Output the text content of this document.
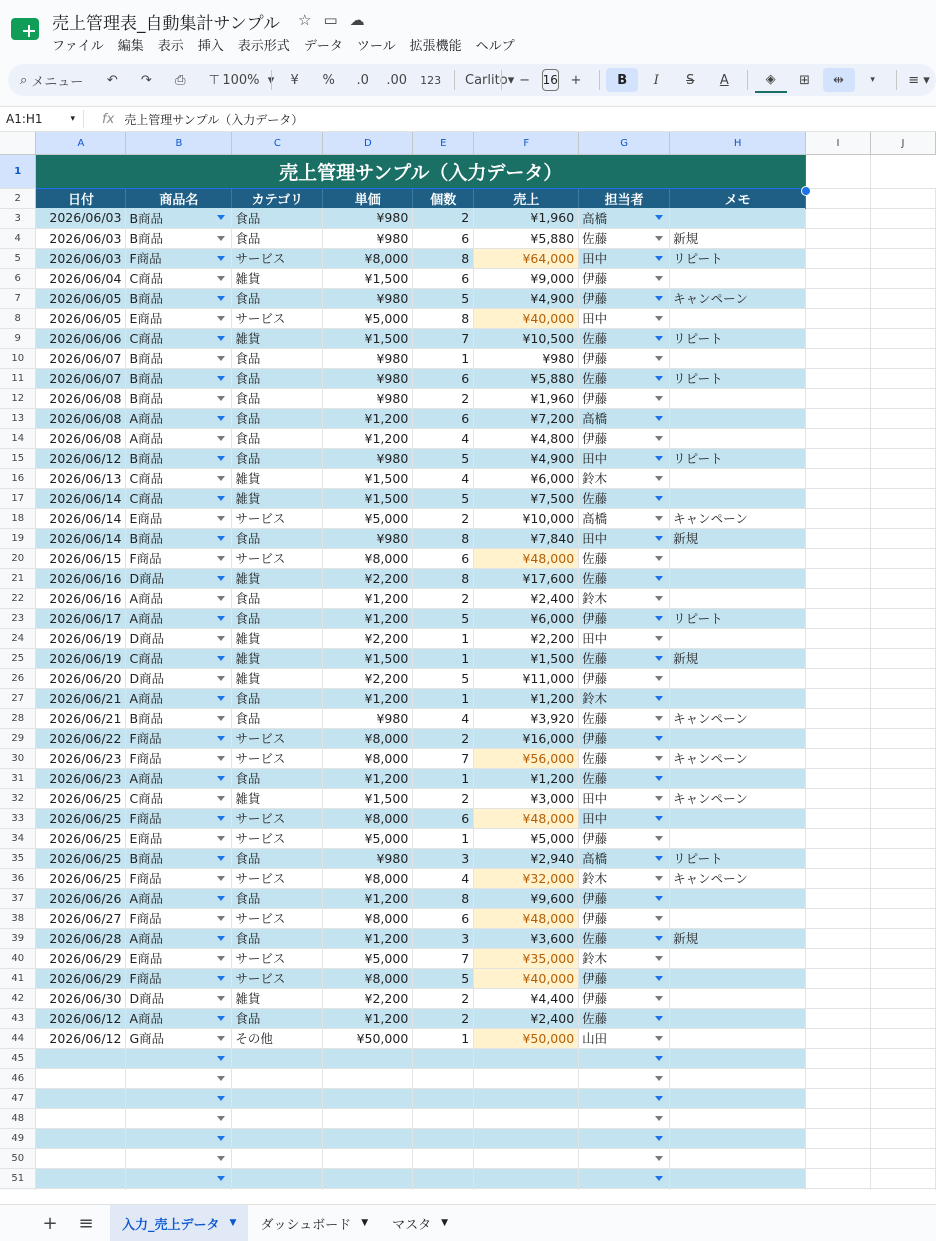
売上管理表_自動集計サンプル ☆ ▭ ☁
ファイル 編集 表示 挿入 表示形式 データ ツール 拡張機能 ヘルプ
⌕ メニュー	↶	↷	⎙	⊤ 100% ▾	¥	%	.0	.00	123	Carlito ▾ −	16 +	B	I	S	A	◈	⊞	⇹	▾	≡ ▾
A1:H1	▾ fx 売上管理サンプル（入力データ）
	A	B	C	D	E	F	G	H	I	J
1	売上管理サンプル（入力データ）									
2	日付	商品名	カテゴリ	単価	個数	売上	担当者	メモ		
3	2026/06/03	B商品	食品	¥980	2	¥1,960	高橋

4	2026/06/03	B商品	食品	¥980	6	¥5,880	佐藤	新規		
5	2026/06/03	F商品	サービス	¥8,000	8	¥64,000	田中	リピート		
6	2026/06/04	C商品	雑貨	¥1,500	6	¥9,000	伊藤

7	2026/06/05	B商品	食品	¥980	5	¥4,900	伊藤	キャンペーン		
8	2026/06/05	E商品	サービス	¥5,000	8	¥40,000	田中

9	2026/06/06	C商品	雑貨	¥1,500	7	¥10,500	佐藤	リピート		
10	2026/06/07	B商品	食品	¥980	1	¥980	伊藤

11	2026/06/07	B商品	食品	¥980	6	¥5,880	佐藤	リピート		
12	2026/06/08	B商品	食品	¥980	2	¥1,960	伊藤

13	2026/06/08	A商品	食品	¥1,200	6	¥7,200	高橋

14	2026/06/08	A商品	食品	¥1,200	4	¥4,800	伊藤

15	2026/06/12	B商品	食品	¥980	5	¥4,900	田中	リピート		
16	2026/06/13	C商品	雑貨	¥1,500	4	¥6,000	鈴木

17	2026/06/14	C商品	雑貨	¥1,500	5	¥7,500	佐藤

18	2026/06/14	E商品	サービス	¥5,000	2	¥10,000	高橋	キャンペーン		
19	2026/06/14	B商品	食品	¥980	8	¥7,840	田中	新規		
20	2026/06/15	F商品	サービス	¥8,000	6	¥48,000	佐藤

21	2026/06/16	D商品	雑貨	¥2,200	8	¥17,600	佐藤

22	2026/06/16	A商品	食品	¥1,200	2	¥2,400	鈴木

23	2026/06/17	A商品	食品	¥1,200	5	¥6,000	伊藤	リピート		
24	2026/06/19	D商品	雑貨	¥2,200	1	¥2,200	田中

25	2026/06/19	C商品	雑貨	¥1,500	1	¥1,500	佐藤	新規		
26	2026/06/20	D商品	雑貨	¥2,200	5	¥11,000	伊藤

27	2026/06/21	A商品	食品	¥1,200	1	¥1,200	鈴木

28	2026/06/21	B商品	食品	¥980	4	¥3,920	佐藤	キャンペーン		
29	2026/06/22	F商品	サービス	¥8,000	2	¥16,000	伊藤

30	2026/06/23	F商品	サービス	¥8,000	7	¥56,000	佐藤	キャンペーン		
31	2026/06/23	A商品	食品	¥1,200	1	¥1,200	佐藤

32	2026/06/25	C商品	雑貨	¥1,500	2	¥3,000	田中	キャンペーン		
33	2026/06/25	F商品	サービス	¥8,000	6	¥48,000	田中

34	2026/06/25	E商品	サービス	¥5,000	1	¥5,000	伊藤

35	2026/06/25	B商品	食品	¥980	3	¥2,940	高橋	リピート		
36	2026/06/25	F商品	サービス	¥8,000	4	¥32,000	鈴木	キャンペーン		
37	2026/06/26	A商品	食品	¥1,200	8	¥9,600	伊藤

38	2026/06/27	F商品	サービス	¥8,000	6	¥48,000	伊藤

39	2026/06/28	A商品	食品	¥1,200	3	¥3,600	佐藤	新規		
40	2026/06/29	E商品	サービス	¥5,000	7	¥35,000	鈴木

41	2026/06/29	F商品	サービス	¥8,000	5	¥40,000	伊藤

42	2026/06/30	D商品	雑貨	¥2,200	2	¥4,400	伊藤

43	2026/06/12	A商品	食品	¥1,200	2	¥2,400	佐藤

44	2026/06/12	G商品	その他	¥50,000	1	¥50,000	山田

45		

46		

47		

48		

49		

50		

51		

+	≡	入力_売上データ ▼ ダッシュボード ▼ マスタ ▼
